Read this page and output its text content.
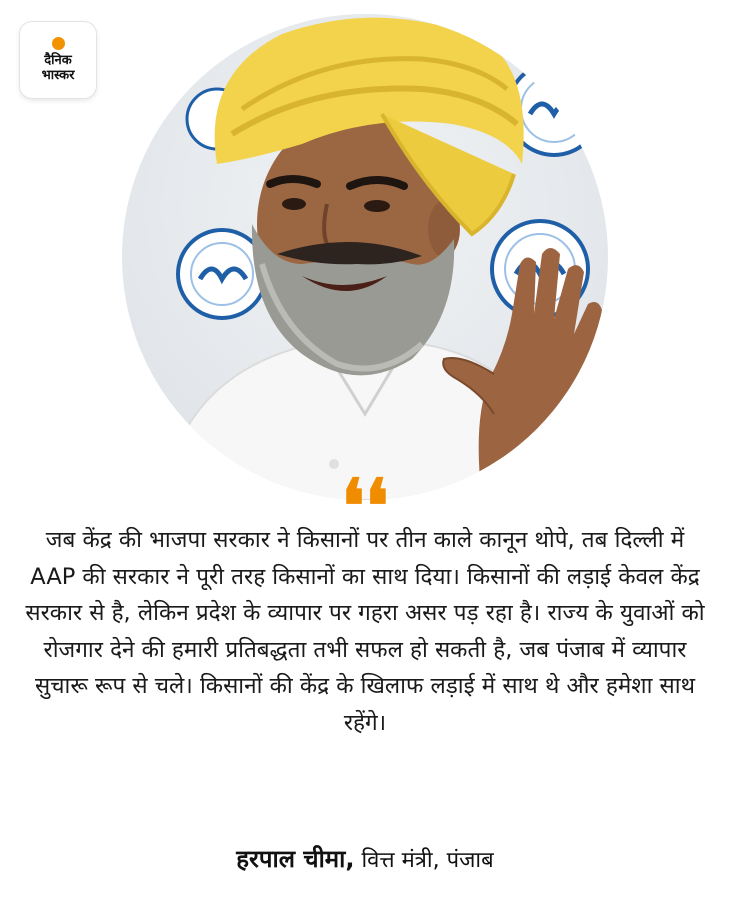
दैनिक
भास्कर
❛❛
जब केंद्र की भाजपा सरकार ने किसानों पर तीन काले कानून थोपे, तब दिल्ली में AAP की सरकार ने पूरी तरह किसानों का साथ दिया। किसानों की लड़ाई केवल केंद्र सरकार से है, लेकिन प्रदेश के व्यापार पर गहरा असर पड़ रहा है। राज्य के युवाओं को रोजगार देने की हमारी प्रतिबद्धता तभी सफल हो सकती है, जब पंजाब में व्यापार सुचारू रूप से चले। किसानों की केंद्र के खिलाफ लड़ाई में साथ थे और हमेशा साथ रहेंगे।
हरपाल चीमा, वित्त मंत्री, पंजाब
